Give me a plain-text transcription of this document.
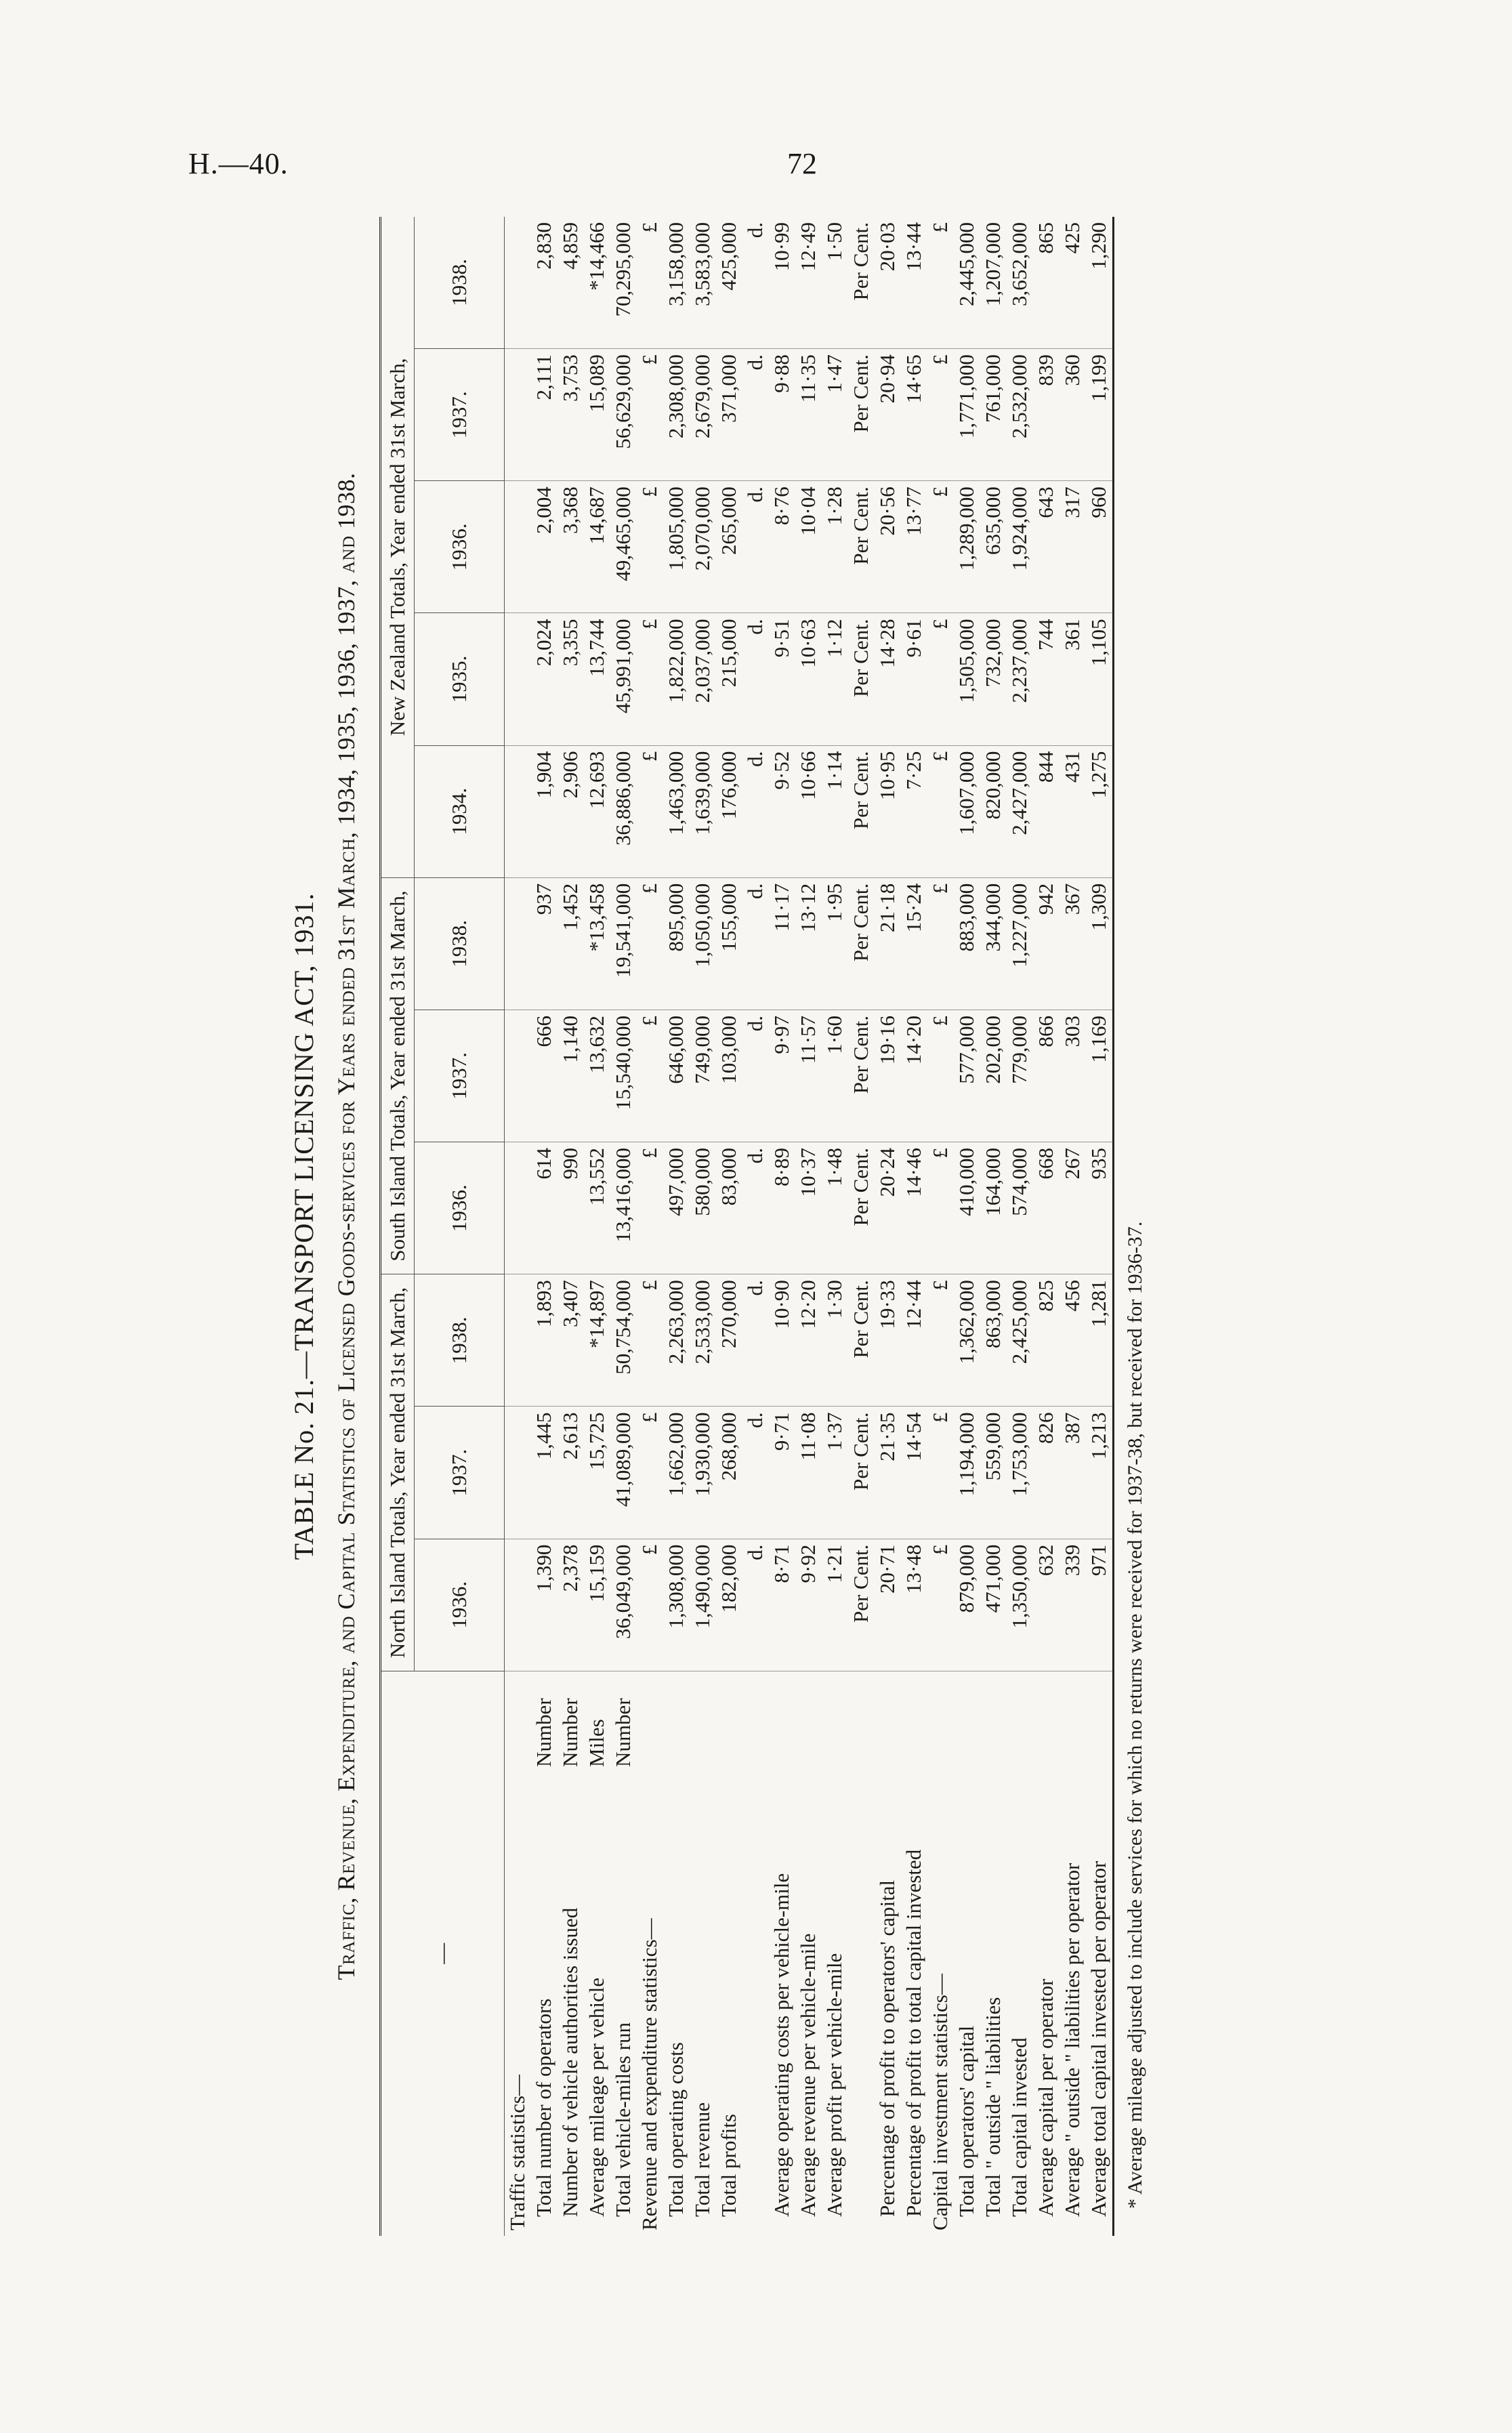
H.—40.	72
TABLE No. 21.—TRANSPORT LICENSING ACT, 1931. Traffic, Revenue, Expenditure, and Capital Statistics of Licensed Goods-services for Years ended 31st March, 1934, 1935, 1936, 1937, and 1938.	—		North Island Totals, Year ended 31st March,			South Island Totals, Year ended 31st March,			New Zealand Totals, Year ended 31st March,				
		1936.	1937.	1938.	1936.	1937.	1938.	1934.	1935.	1936.	1937.	1938.
Traffic statistics—												
Total number of operators	Number	1,390	1,445	1,893	614	666	937	1,904	2,024	2,004	2,111	2,830
Number of vehicle authorities issued	Number	2,378	2,613	3,407	990	1,140	1,452	2,906	3,355	3,368	3,753	4,859
Average mileage per vehicle	Miles	15,159	15,725	*14,897	13,552	13,632	*13,458	12,693	13,744	14,687	15,089	*14,466
Total vehicle-miles run	Number	36,049,000	41,089,000	50,754,000	13,416,000	15,540,000	19,541,000	36,886,000	45,991,000	49,465,000	56,629,000	70,295,000
Revenue and expenditure statistics—		£	£	£	£	£	£	£	£	£	£	£
Total operating costs		1,308,000	1,662,000	2,263,000	497,000	646,000	895,000	1,463,000	1,822,000	1,805,000	2,308,000	3,158,000
Total revenue		1,490,000	1,930,000	2,533,000	580,000	749,000	1,050,000	1,639,000	2,037,000	2,070,000	2,679,000	3,583,000
Total profits		182,000	268,000	270,000	83,000	103,000	155,000	176,000	215,000	265,000	371,000	425,000
		d.	d.	d.	d.	d.	d.	d.	d.	d.	d.	d.
Average operating costs per vehicle-mile		8·71	9·71	10·90	8·89	9·97	11·17	9·52	9·51	8·76	9·88	10·99
Average revenue per vehicle-mile		9·92	11·08	12·20	10·37	11·57	13·12	10·66	10·63	10·04	11·35	12·49
Average profit per vehicle-mile		1·21	1·37	1·30	1·48	1·60	1·95	1·14	1·12	1·28	1·47	1·50
		Per Cent.	Per Cent.	Per Cent.	Per Cent.	Per Cent.	Per Cent.	Per Cent.	Per Cent.	Per Cent.	Per Cent.	Per Cent.
Percentage of profit to operators' capital		20·71	21·35	19·33	20·24	19·16	21·18	10·95	14·28	20·56	20·94	20·03
Percentage of profit to total capital invested		13·48	14·54	12·44	14·46	14·20	15·24	7·25	9·61	13·77	14·65	13·44
Capital investment statistics—		£	£	£	£	£	£	£	£	£	£	£
Total operators' capital		879,000	1,194,000	1,362,000	410,000	577,000	883,000	1,607,000	1,505,000	1,289,000	1,771,000	2,445,000
Total " outside " liabilities		471,000	559,000	863,000	164,000	202,000	344,000	820,000	732,000	635,000	761,000	1,207,000
Total capital invested		1,350,000	1,753,000	2,425,000	574,000	779,000	1,227,000	2,427,000	2,237,000	1,924,000	2,532,000	3,652,000
Average capital per operator		632	826	825	668	866	942	844	744	643	839	865
Average " outside " liabilities per operator		339	387	456	267	303	367	431	361	317	360	425
Average total capital invested per operator		971	1,213	1,281	935	1,169	1,309	1,275	1,105	960	1,199	1,290
* Average mileage adjusted to include services for which no returns were received for 1937-38, but received for 1936-37.
